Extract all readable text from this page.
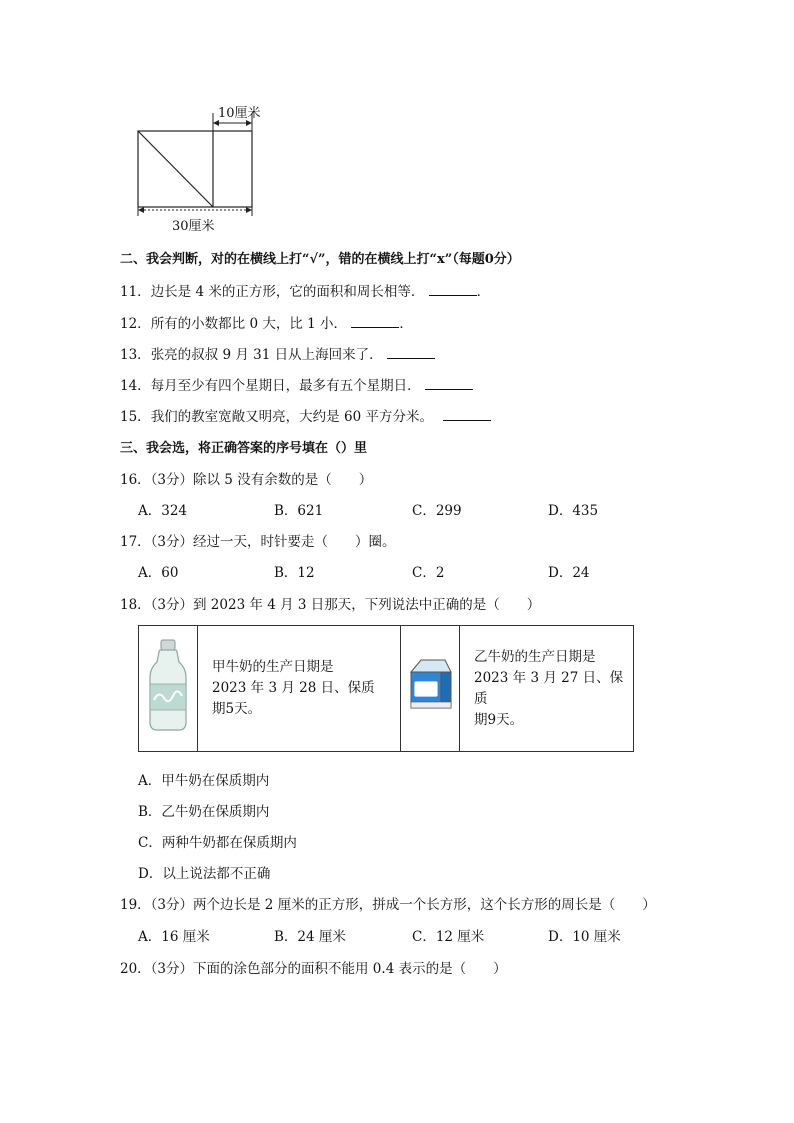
10厘米
30厘米
二、我会判断，对的在横线上打“√”，错的在横线上打“x”（每题0分）
11．边长是 4 米的正方形，它的面积和周长相等．	．
12．所有的小数都比 0 大，比 1 小．	．
13．张亮的叔叔 9 月 31 日从上海回来了．
14．每月至少有四个星期日，最多有五个星期日．
15．我们的教室宽敞又明亮，大约是 60 平方分米。
三、我会选，将正确答案的序号填在（）里
16．（3分）除以 5 没有余数的是（　　）
A．324	B．621	C．299	D．435
17．（3分）经过一天，时针要走（　　）圈。
A．60	B．12	C．2	D．24
18．（3分）到 2023 年 4 月 3 日那天，下列说法中正确的是（　　）

甲牛奶的生产日期是
2023 年 3 月 28 日、保质
期5天。

乙牛奶的生产日期是
2023 年 3 月 27 日、保质
期9天。
A．甲牛奶在保质期内
B．乙牛奶在保质期内
C．两种牛奶都在保质期内
D．以上说法都不正确
19．（3分）两个边长是 2 厘米的正方形，拼成一个长方形，这个长方形的周长是（　　）
A．16 厘米	B．24 厘米	C．12 厘米	D．10 厘米
20．（3分）下面的涂色部分的面积不能用 0.4 表示的是（　　）
